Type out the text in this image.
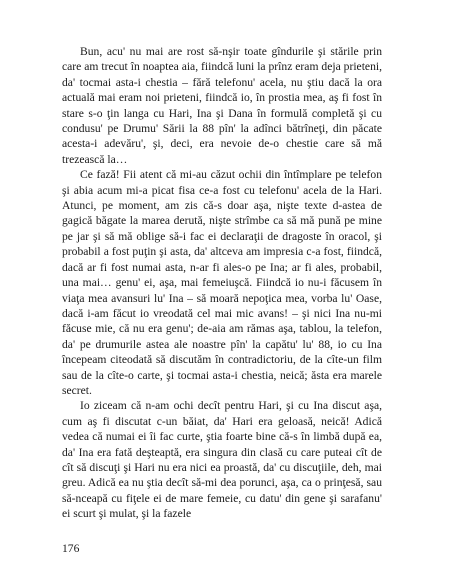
Bun, acu' nu mai are rost să-nşir toate gîndurile şi stările prin care am trecut în noaptea aia, fiindcă luni la prînz eram deja prieteni, da' tocmai asta-i chestia – fără telefonu' acela, nu ştiu dacă la ora actuală mai eram noi prieteni, fiindcă io, în prostia mea, aş fi fost în stare s-o ţin langa cu Hari, Ina şi Dana în formulă completă şi cu condusu' pe Drumu' Sării la 88 pîn' la adînci bătrîneţi, din păcate acesta-i adevăru', şi, deci, era nevoie de-o chestie care să mă trezească la…

Ce fază! Fii atent că mi-au căzut ochii din întîmplare pe telefon şi abia acum mi-a picat fisa ce-a fost cu telefonu' acela de la Hari. Atunci, pe moment, am zis că-s doar aşa, nişte texte d-astea de gagică băgate la marea derută, nişte strîmbe ca să mă pună pe mine pe jar şi să mă oblige să-i fac ei declaraţii de dragoste în oracol, şi probabil a fost puţin şi asta, da' altceva am impresia c-a fost, fiindcă, dacă ar fi fost numai asta, n-ar fi ales-o pe Ina; ar fi ales, probabil, una mai… genu' ei, aşa, mai femeiuşcă. Fiindcă io nu-i făcusem în viaţa mea avansuri lu' Ina – să moară nepoţica mea, vorba lu' Oase, dacă i-am făcut io vreodată cel mai mic avans! – şi nici Ina nu-mi făcuse mie, că nu era genu'; de-aia am rămas aşa, tablou, la telefon, da' pe drumurile astea ale noastre pîn' la capătu' lu' 88, io cu Ina începeam citeodată să discutăm în contradictoriu, de la cîte-un film sau de la cîte-o carte, şi tocmai asta-i chestia, neică; ăsta era marele secret.

Io ziceam că n-am ochi decît pentru Hari, şi cu Ina discut aşa, cum aş fi discutat c-un băiat, da' Hari era geloasă, neică! Adică vedea că numai ei îi fac curte, ştia foarte bine că-s în limbă după ea, da' Ina era fată deşteaptă, era singura din clasă cu care puteai cît de cît să discuţi şi Hari nu era nici ea proastă, da' cu discuţiile, deh, mai greu. Adică ea nu ştia decît să-mi dea porunci, aşa, ca o prinţesă, sau să-nceapă cu fiţele ei de mare femeie, cu datu' din gene şi sarafanu' ei scurt şi mulat, şi la fazele

176
